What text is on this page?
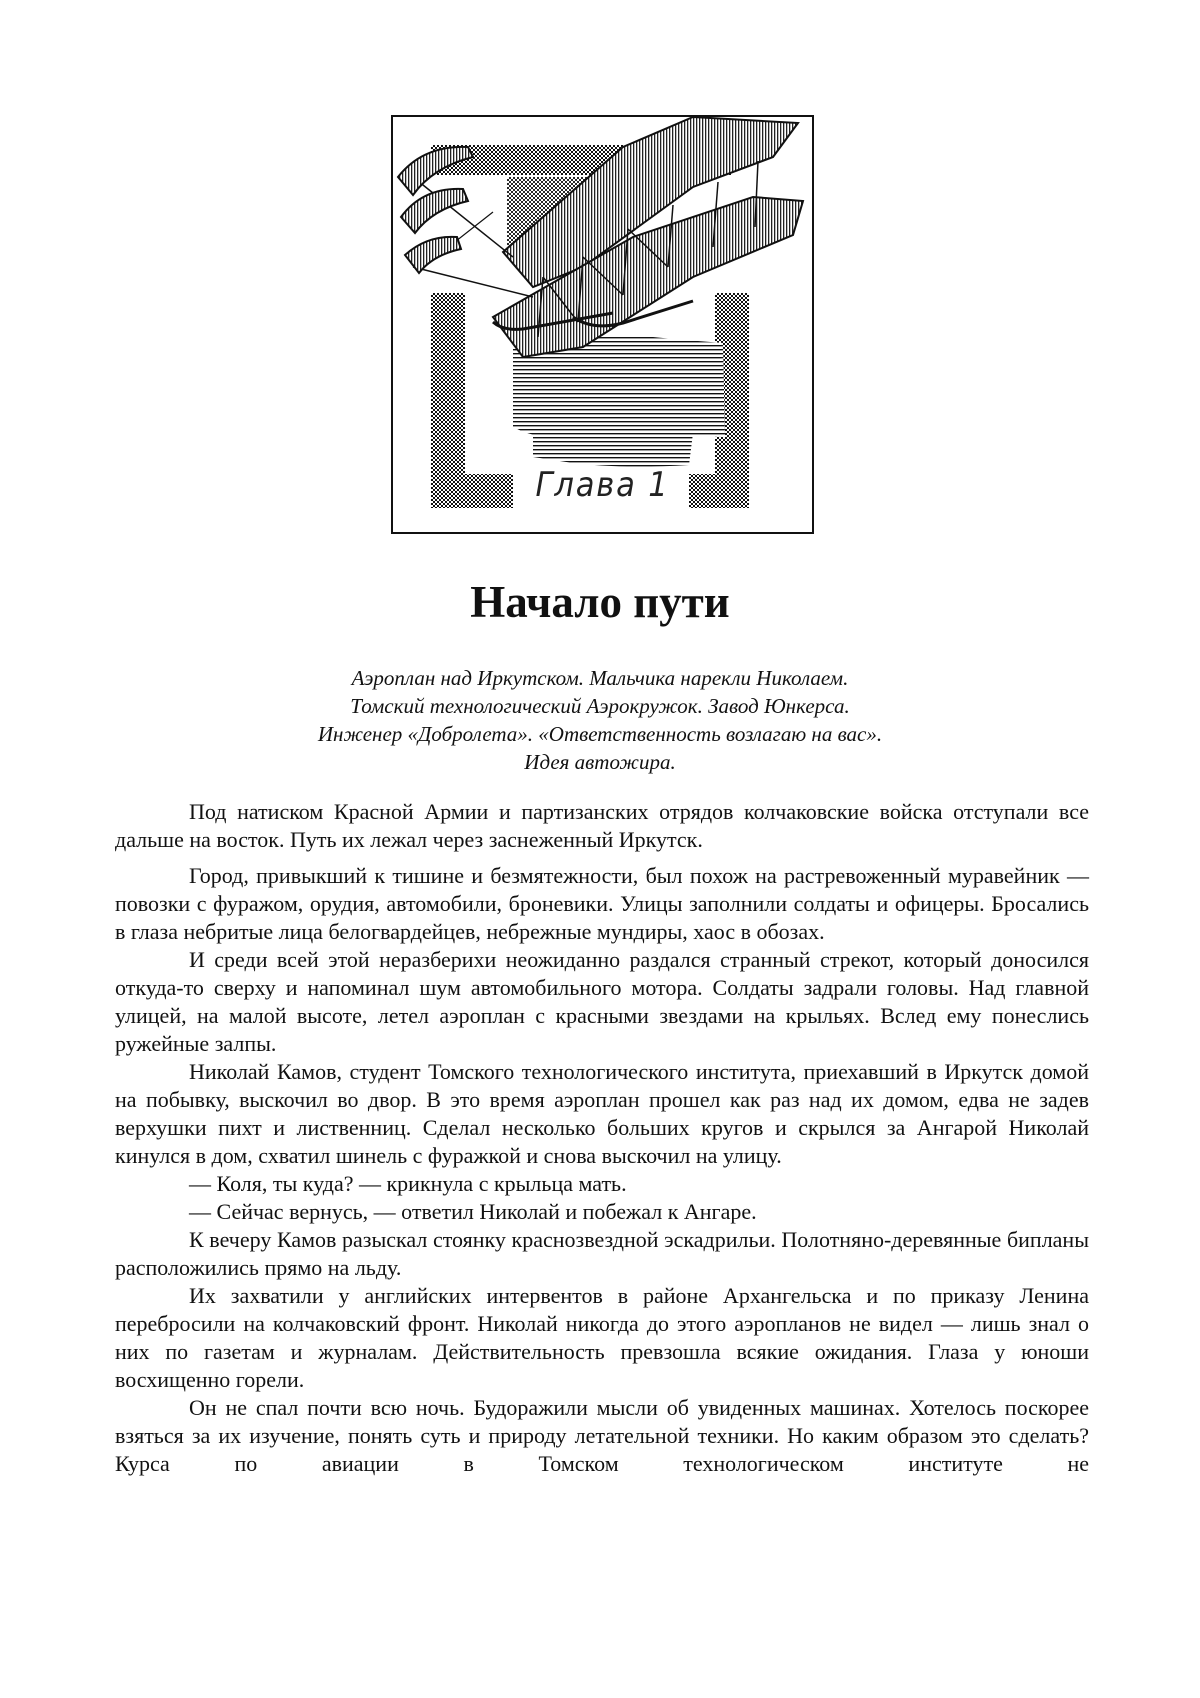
Глава 1
Начало пути
Аэроплан над Иркутском. Мальчика нарекли Николаем.
Томский технологический Аэрокружок. Завод Юнкерса.
Инженер «Добролета». «Ответственность возлагаю на вас».
Идея автожира.

Под натиском Красной Армии и партизанских отрядов колчаковские войска отступали все дальше на восток. Путь их лежал через заснеженный Иркутск.

Город, привыкший к тишине и безмятежности, был похож на растревоженный муравейник — повозки с фуражом, орудия, автомобили, броневики. Улицы заполнили солдаты и офицеры. Бросались в глаза небритые лица белогвардейцев, небрежные мундиры, хаос в обозах.

И среди всей этой неразберихи неожиданно раздался странный стрекот, который доносился откуда-то сверху и напоминал шум автомобильного мотора. Солдаты задрали головы. Над главной улицей, на малой высоте, летел аэроплан с красными звездами на крыльях. Вслед ему понеслись ружейные залпы.

Николай Камов, студент Томского технологического института, приехавший в Иркутск домой на побывку, выскочил во двор. В это время аэроплан прошел как раз над их домом, едва не задев верхушки пихт и лиственниц. Сделал несколько больших кругов и скрылся за Ангарой Николай кинулся в дом, схватил шинель с фуражкой и снова выскочил на улицу.

— Коля, ты куда? — крикнула с крыльца мать.

— Сейчас вернусь, — ответил Николай и побежал к Ангаре.

К вечеру Камов разыскал стоянку краснозвездной эскадрильи. Полотняно-деревянные бипланы расположились прямо на льду.

Их захватили у английских интервентов в районе Архангельска и по приказу Ленина перебросили на колчаковский фронт. Николай никогда до этого аэропланов не видел — лишь знал о них по газетам и журналам. Действительность превзошла всякие ожидания. Глаза у юноши восхищенно горели.

Он не спал почти всю ночь. Будоражили мысли об увиденных машинах. Хотелось поскорее взяться за их изучение, понять суть и природу летательной техники. Но каким образом это сделать? Курса по авиации в Томском технологическом институте не
